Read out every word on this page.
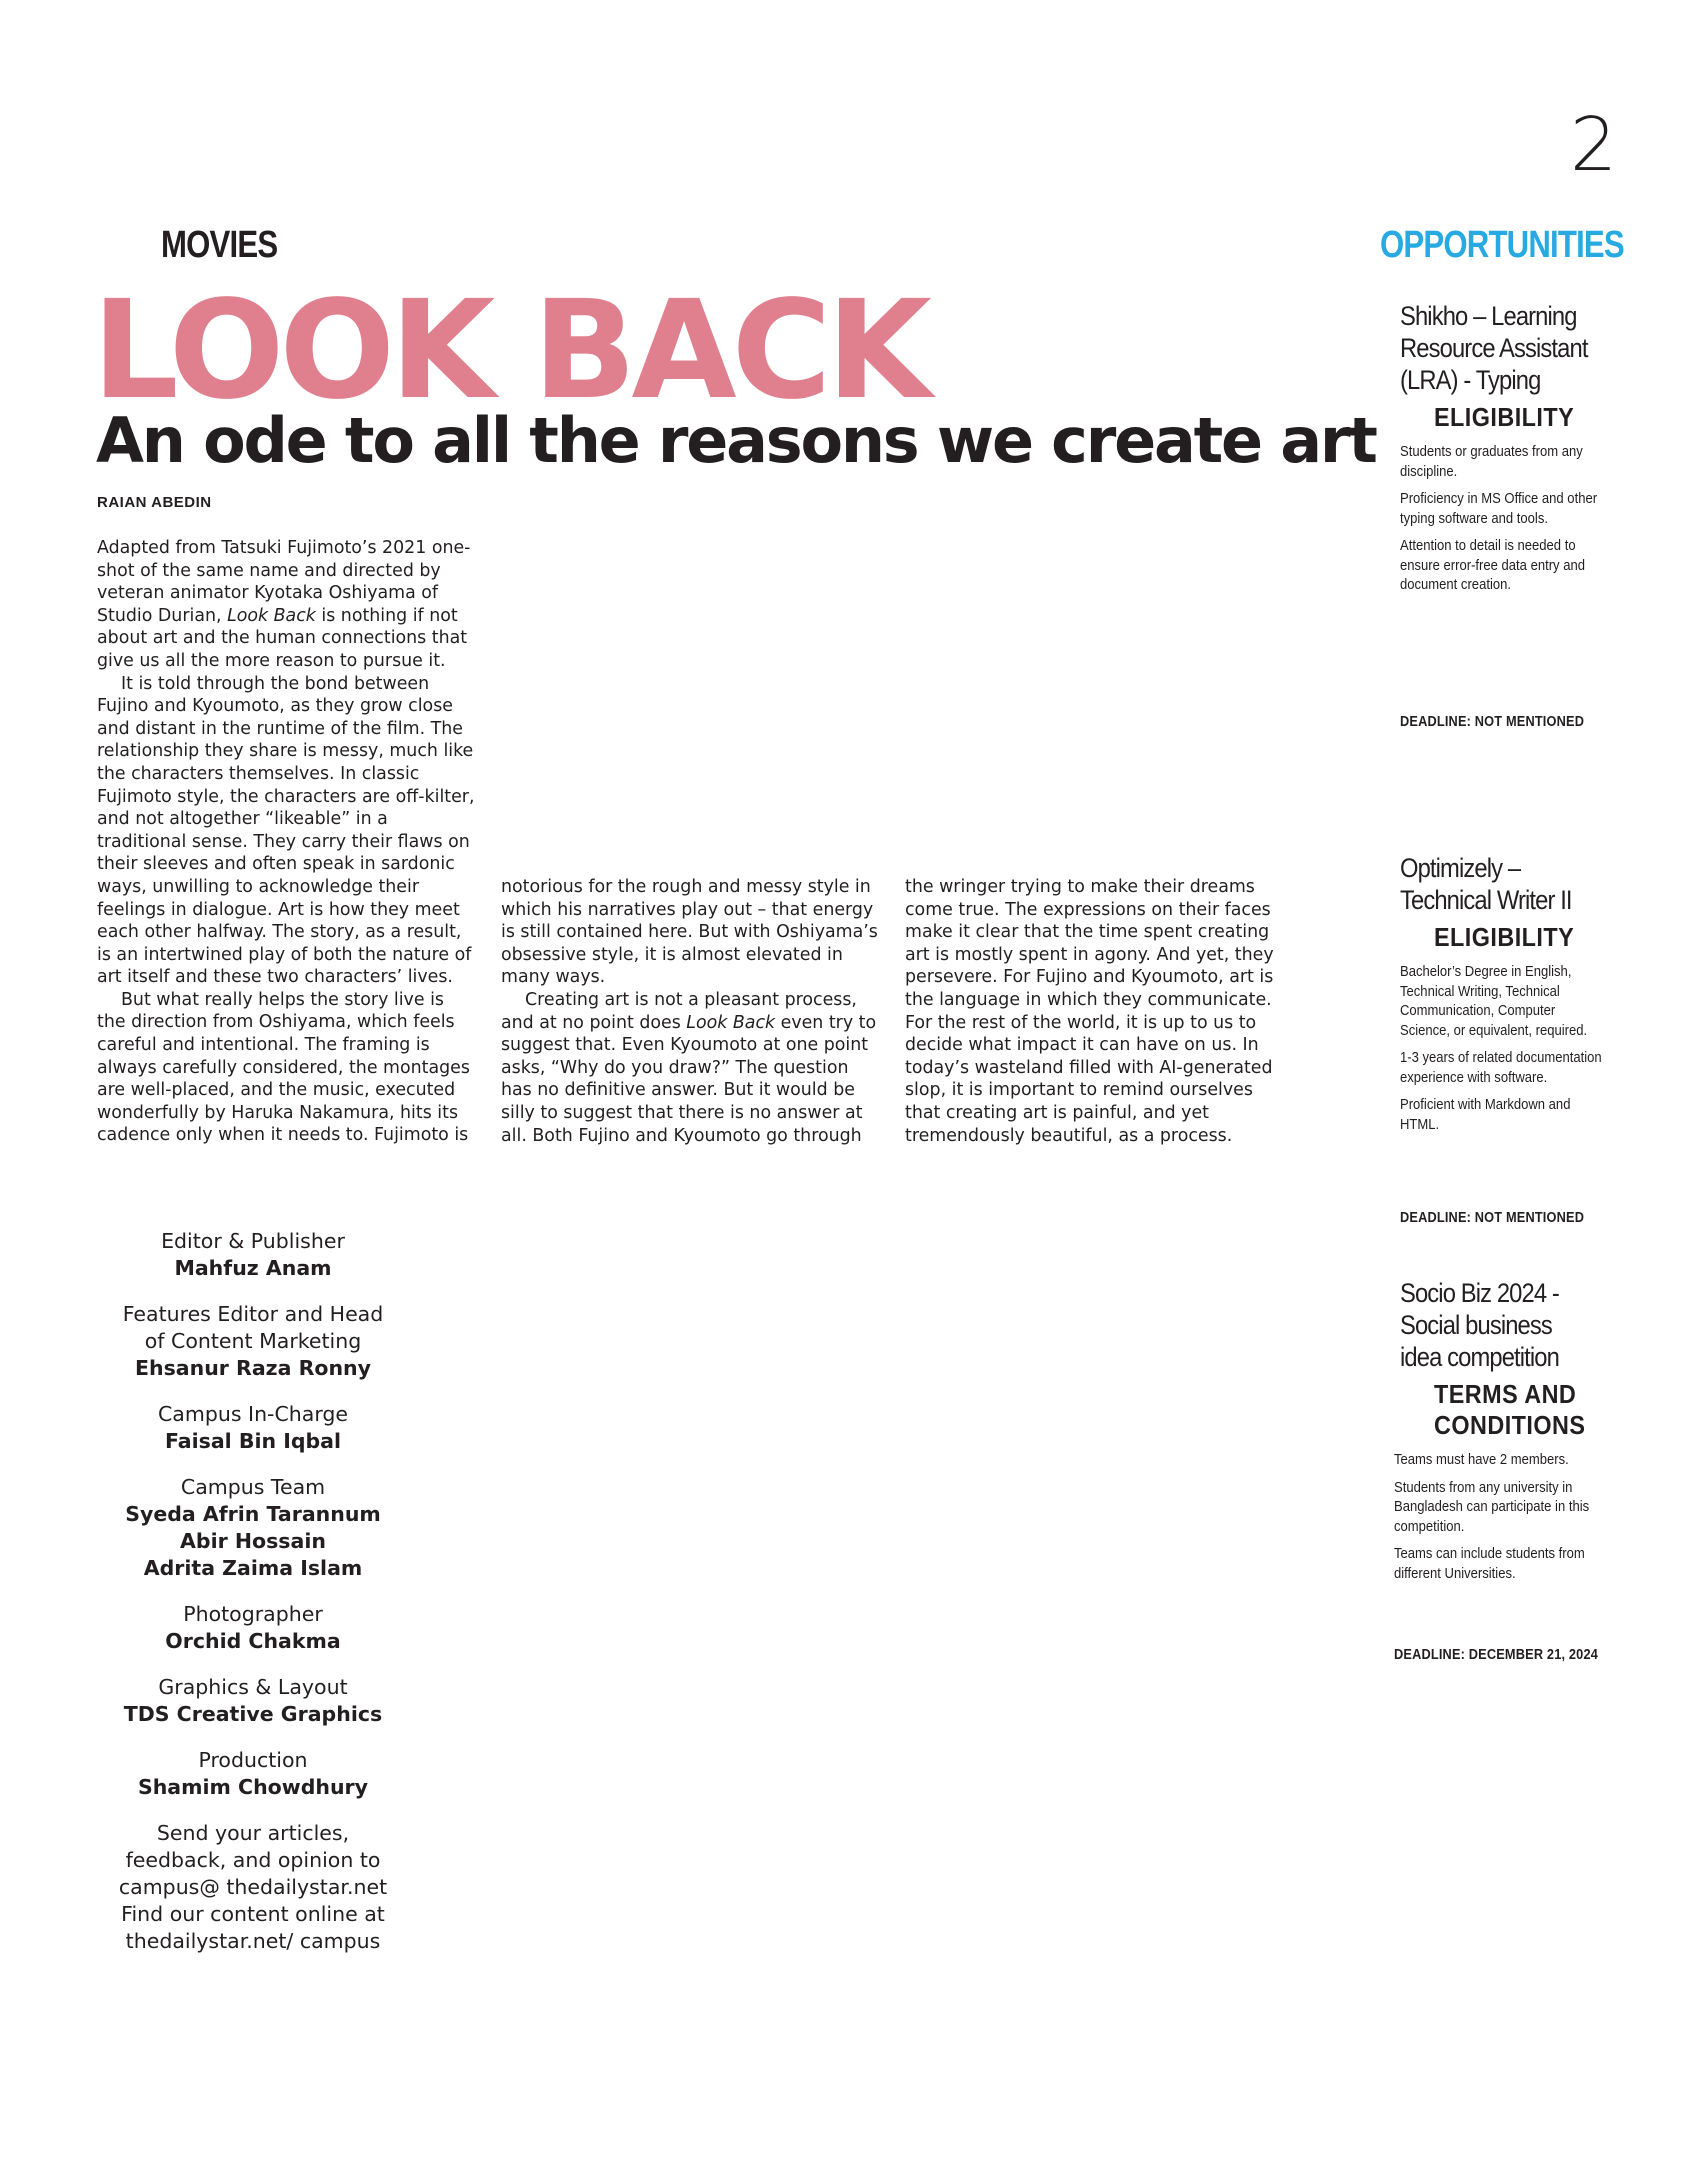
2
MOVIES
LOOK BACK
An ode to all the reasons we create art
RAIAN ABEDIN

Adapted from Tatsuki Fujimoto’s 2021 one-shot of the same name and directed by veteran animator Kyotaka Oshiyama of Studio Durian, Look Back is nothing if not about art and the human connections that give us all the more reason to pursue it.

It is told through the bond between Fujino and Kyoumoto, as they grow close and distant in the runtime of the film. The relationship they share is messy, much like the characters themselves. In classic Fujimoto style, the characters are off-kilter, and not altogether “likeable” in a traditional sense. They carry their flaws on their sleeves and often speak in sardonic ways, unwilling to acknowledge their feelings in dialogue. Art is how they meet each other halfway. The story, as a result, is an intertwined play of both the nature of art itself and these two characters’ lives.

But what really helps the story live is the direction from Oshiyama, which feels careful and intentional. The framing is always carefully considered, the montages are well-placed, and the music, executed wonderfully by Haruka Nakamura, hits its cadence only when it needs to. Fujimoto is

notorious for the rough and messy style in which his narratives play out – that energy is still contained here. But with Oshiyama’s obsessive style, it is almost elevated in many ways.

Creating art is not a pleasant process, and at no point does Look Back even try to suggest that. Even Kyoumoto at one point asks, “Why do you draw?” The question has no definitive answer. But it would be silly to suggest that there is no answer at all. Both Fujino and Kyoumoto go through

the wringer trying to make their dreams come true. The expressions on their faces make it clear that the time spent creating art is mostly spent in agony. And yet, they persevere. For Fujino and Kyoumoto, art is the language in which they communicate. For the rest of the world, it is up to us to decide what impact it can have on us. In today’s wasteland filled with AI-generated slop, it is important to remind ourselves that creating art is painful, and yet tremendously beautiful, as a process.

Editor & Publisher
Mahfuz Anam
Features Editor and Head of Content Marketing
Ehsanur Raza Ronny
Campus In-Charge
Faisal Bin Iqbal
Campus Team
Syeda Afrin Tarannum
Abir Hossain
Adrita Zaima Islam
Photographer
Orchid Chakma
Graphics & Layout
TDS Creative Graphics
Production
Shamim Chowdhury
Send your articles, feedback, and opinion to campus@ thedailystar.net
Find our content online at thedailystar.net/ campus
OPPORTUNITIES
Shikho – Learning Resource Assistant (LRA) - Typing
ELIGIBILITY
Students or graduates from any discipline.
Proficiency in MS Office and other typing software and tools.
Attention to detail is needed to ensure error-free data entry and document creation.
DEADLINE: NOT MENTIONED
Optimizely – Technical Writer II
ELIGIBILITY
Bachelor’s Degree in English, Technical Writing, Technical Communication, Computer Science, or equivalent, required.
1-3 years of related documentation experience with software.
Proficient with Markdown and HTML.
DEADLINE: NOT MENTIONED
Socio Biz 2024 - Social business idea competition
TERMS AND CONDITIONS
Teams must have 2 members.
Students from any university in Bangladesh can participate in this competition.
Teams can include students from different Universities.
DEADLINE: DECEMBER 21, 2024
